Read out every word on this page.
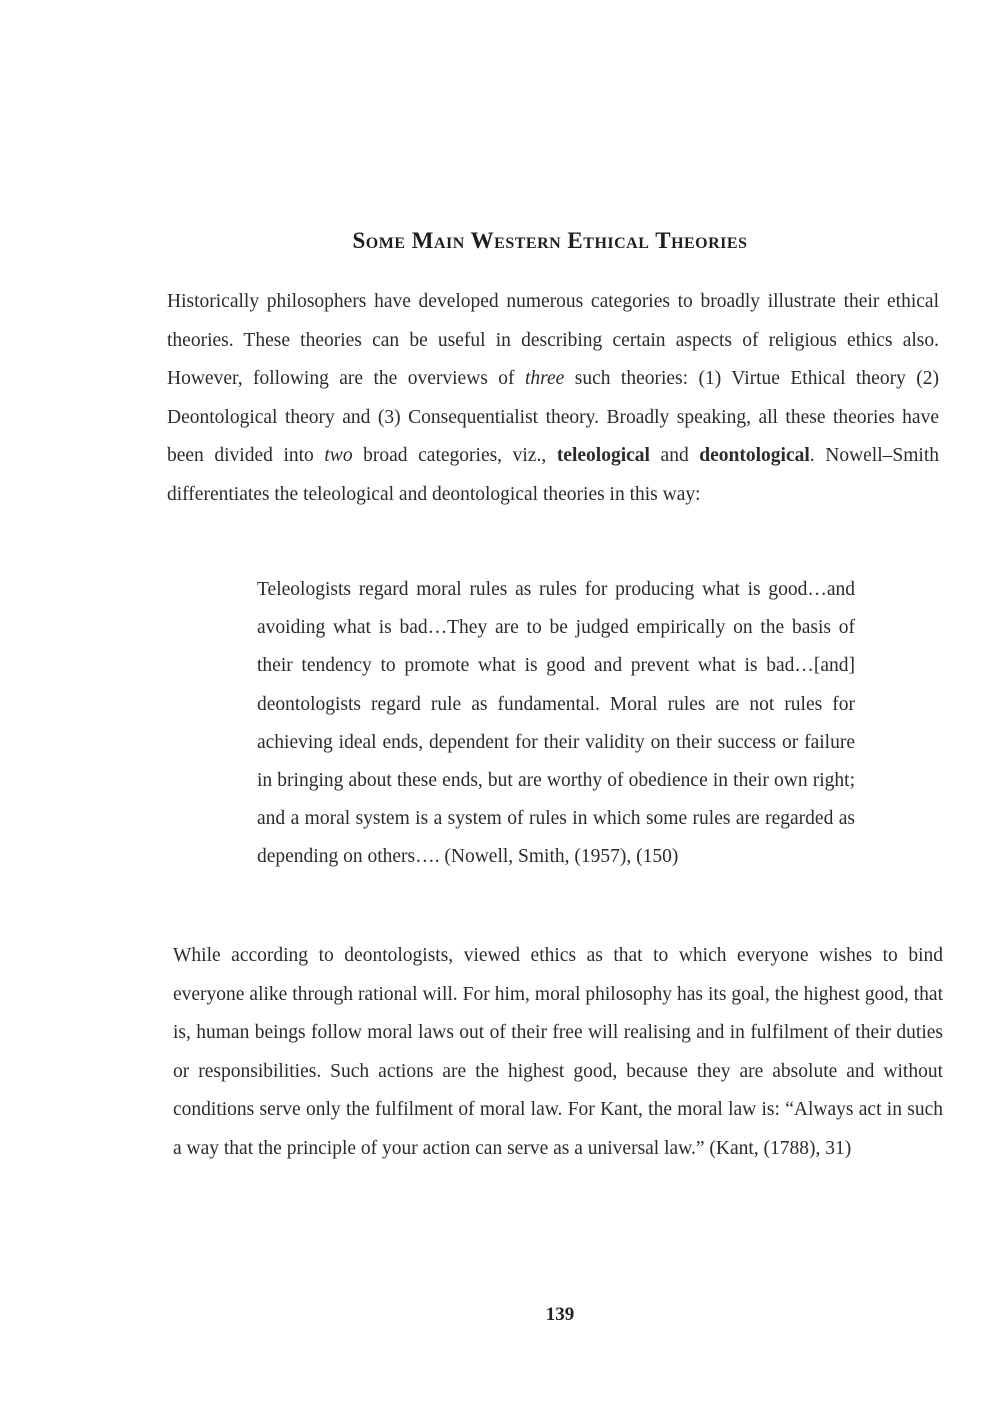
Some Main Western Ethical Theories

Historically philosophers have developed numerous categories to broadly illustrate their ethical theories. These theories can be useful in describing certain aspects of religious ethics also. However, following are the overviews of three such theories: (1) Virtue Ethical theory (2) Deontological theory and (3) Consequentialist theory. Broadly speaking, all these theories have been divided into two broad categories, viz., teleological and deontological. Nowell–Smith differentiates the teleological and deontological theories in this way:

Teleologists regard moral rules as rules for producing what is good…and avoiding what is bad…They are to be judged empirically on the basis of their tendency to promote what is good and prevent what is bad…[and] deontologists regard rule as fundamental. Moral rules are not rules for achieving ideal ends, dependent for their validity on their success or failure in bringing about these ends, but are worthy of obedience in their own right; and a moral system is a system of rules in which some rules are regarded as depending on others…. (Nowell, Smith, (1957), (150)

While according to deontologists, viewed ethics as that to which everyone wishes to bind everyone alike through rational will. For him, moral philosophy has its goal, the highest good, that is, human beings follow moral laws out of their free will realising and in fulfilment of their duties or responsibilities. Such actions are the highest good, because they are absolute and without conditions serve only the fulfilment of moral law. For Kant, the moral law is: “Always act in such a way that the principle of your action can serve as a universal law.” (Kant, (1788), 31)

139
